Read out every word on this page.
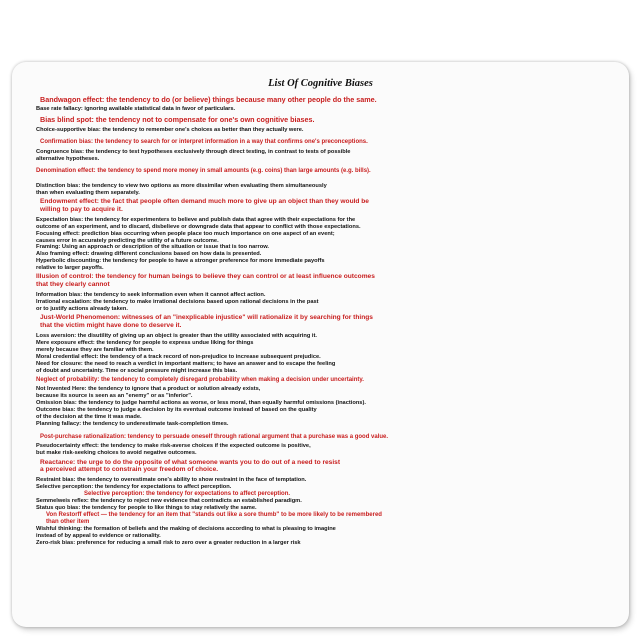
List Of Cognitive Biases
Bandwagon effect: the tendency to do (or believe) things because many other people do the same.
Base rate fallacy: ignoring available statistical data in favor of particulars.
Bias blind spot: the tendency not to compensate for one's own cognitive biases.
Choice-supportive bias: the tendency to remember one's choices as better than they actually were.
Confirmation bias: the tendency to search for or interpret information in a way that confirms one's preconceptions.
Congruence bias: the tendency to test hypotheses exclusively through direct testing, in contrast to tests of possible
alternative hypotheses.
Denomination effect: the tendency to spend more money in small amounts (e.g. coins) than large amounts (e.g. bills).
Distinction bias: the tendency to view two options as more dissimilar when evaluating them simultaneously
than when evaluating them separately.
Endowment effect: the fact that people often demand much more to give up an object than they would be
willing to pay to acquire it.
Expectation bias: the tendency for experimenters to believe and publish data that agree with their expectations for the
outcome of an experiment, and to discard, disbelieve or downgrade data that appear to conflict with those expectations.
Focusing effect: prediction bias occurring when people place too much importance on one aspect of an event;
causes error in accurately predicting the utility of a future outcome.
Framing: Using an approach or description of the situation or issue that is too narrow.
Also framing effect: drawing different conclusions based on how data is presented.
Hyperbolic discounting: the tendency for people to have a stronger preference for more immediate payoffs
relative to larger payoffs.
Illusion of control: the tendency for human beings to believe they can control or at least influence outcomes
that they clearly cannot
Information bias: the tendency to seek information even when it cannot affect action.
Irrational escalation: the tendency to make irrational decisions based upon rational decisions in the past
or to justify actions already taken.
Just-World Phenomenon: witnesses of an "inexplicable injustice" will rationalize it by searching for things
that the victim might have done to deserve it.
Loss aversion: the disutility of giving up an object is greater than the utility associated with acquiring it.
Mere exposure effect: the tendency for people to express undue liking for things
merely because they are familiar with them.
Moral credential effect: the tendency of a track record of non-prejudice to increase subsequent prejudice.
Need for closure: the need to reach a verdict in important matters; to have an answer and to escape the feeling
of doubt and uncertainty. Time or social pressure might increase this bias.
Neglect of probability: the tendency to completely disregard probability when making a decision under uncertainty.
Not Invented Here: the tendency to ignore that a product or solution already exists,
because its source is seen as an "enemy" or as "inferior".
Omission bias: the tendency to judge harmful actions as worse, or less moral, than equally harmful omissions (inactions).
Outcome bias: the tendency to judge a decision by its eventual outcome instead of based on the quality
of the decision at the time it was made.
Planning fallacy: the tendency to underestimate task-completion times.
Post-purchase rationalization: tendency to persuade oneself through rational argument that a purchase was a good value.
Pseudocertainty effect: the tendency to make risk-averse choices if the expected outcome is positive,
but make risk-seeking choices to avoid negative outcomes.
Reactance: the urge to do the opposite of what someone wants you to do out of a need to resist
a perceived attempt to constrain your freedom of choice.
Restraint bias: the tendency to overestimate one's ability to show restraint in the face of temptation.
Selective perception: the tendency for expectations to affect perception.
Selective perception: the tendency for expectations to affect perception.
Semmelweis reflex: the tendency to reject new evidence that contradicts an established paradigm.
Status quo bias: the tendency for people to like things to stay relatively the same.
Von Restorff effect — the tendency for an item that "stands out like a sore thumb" to be more likely to be remembered
than other item
Wishful thinking: the formation of beliefs and the making of decisions according to what is pleasing to imagine
instead of by appeal to evidence or rationality.
Zero-risk bias: preference for reducing a small risk to zero over a greater reduction in a larger risk
